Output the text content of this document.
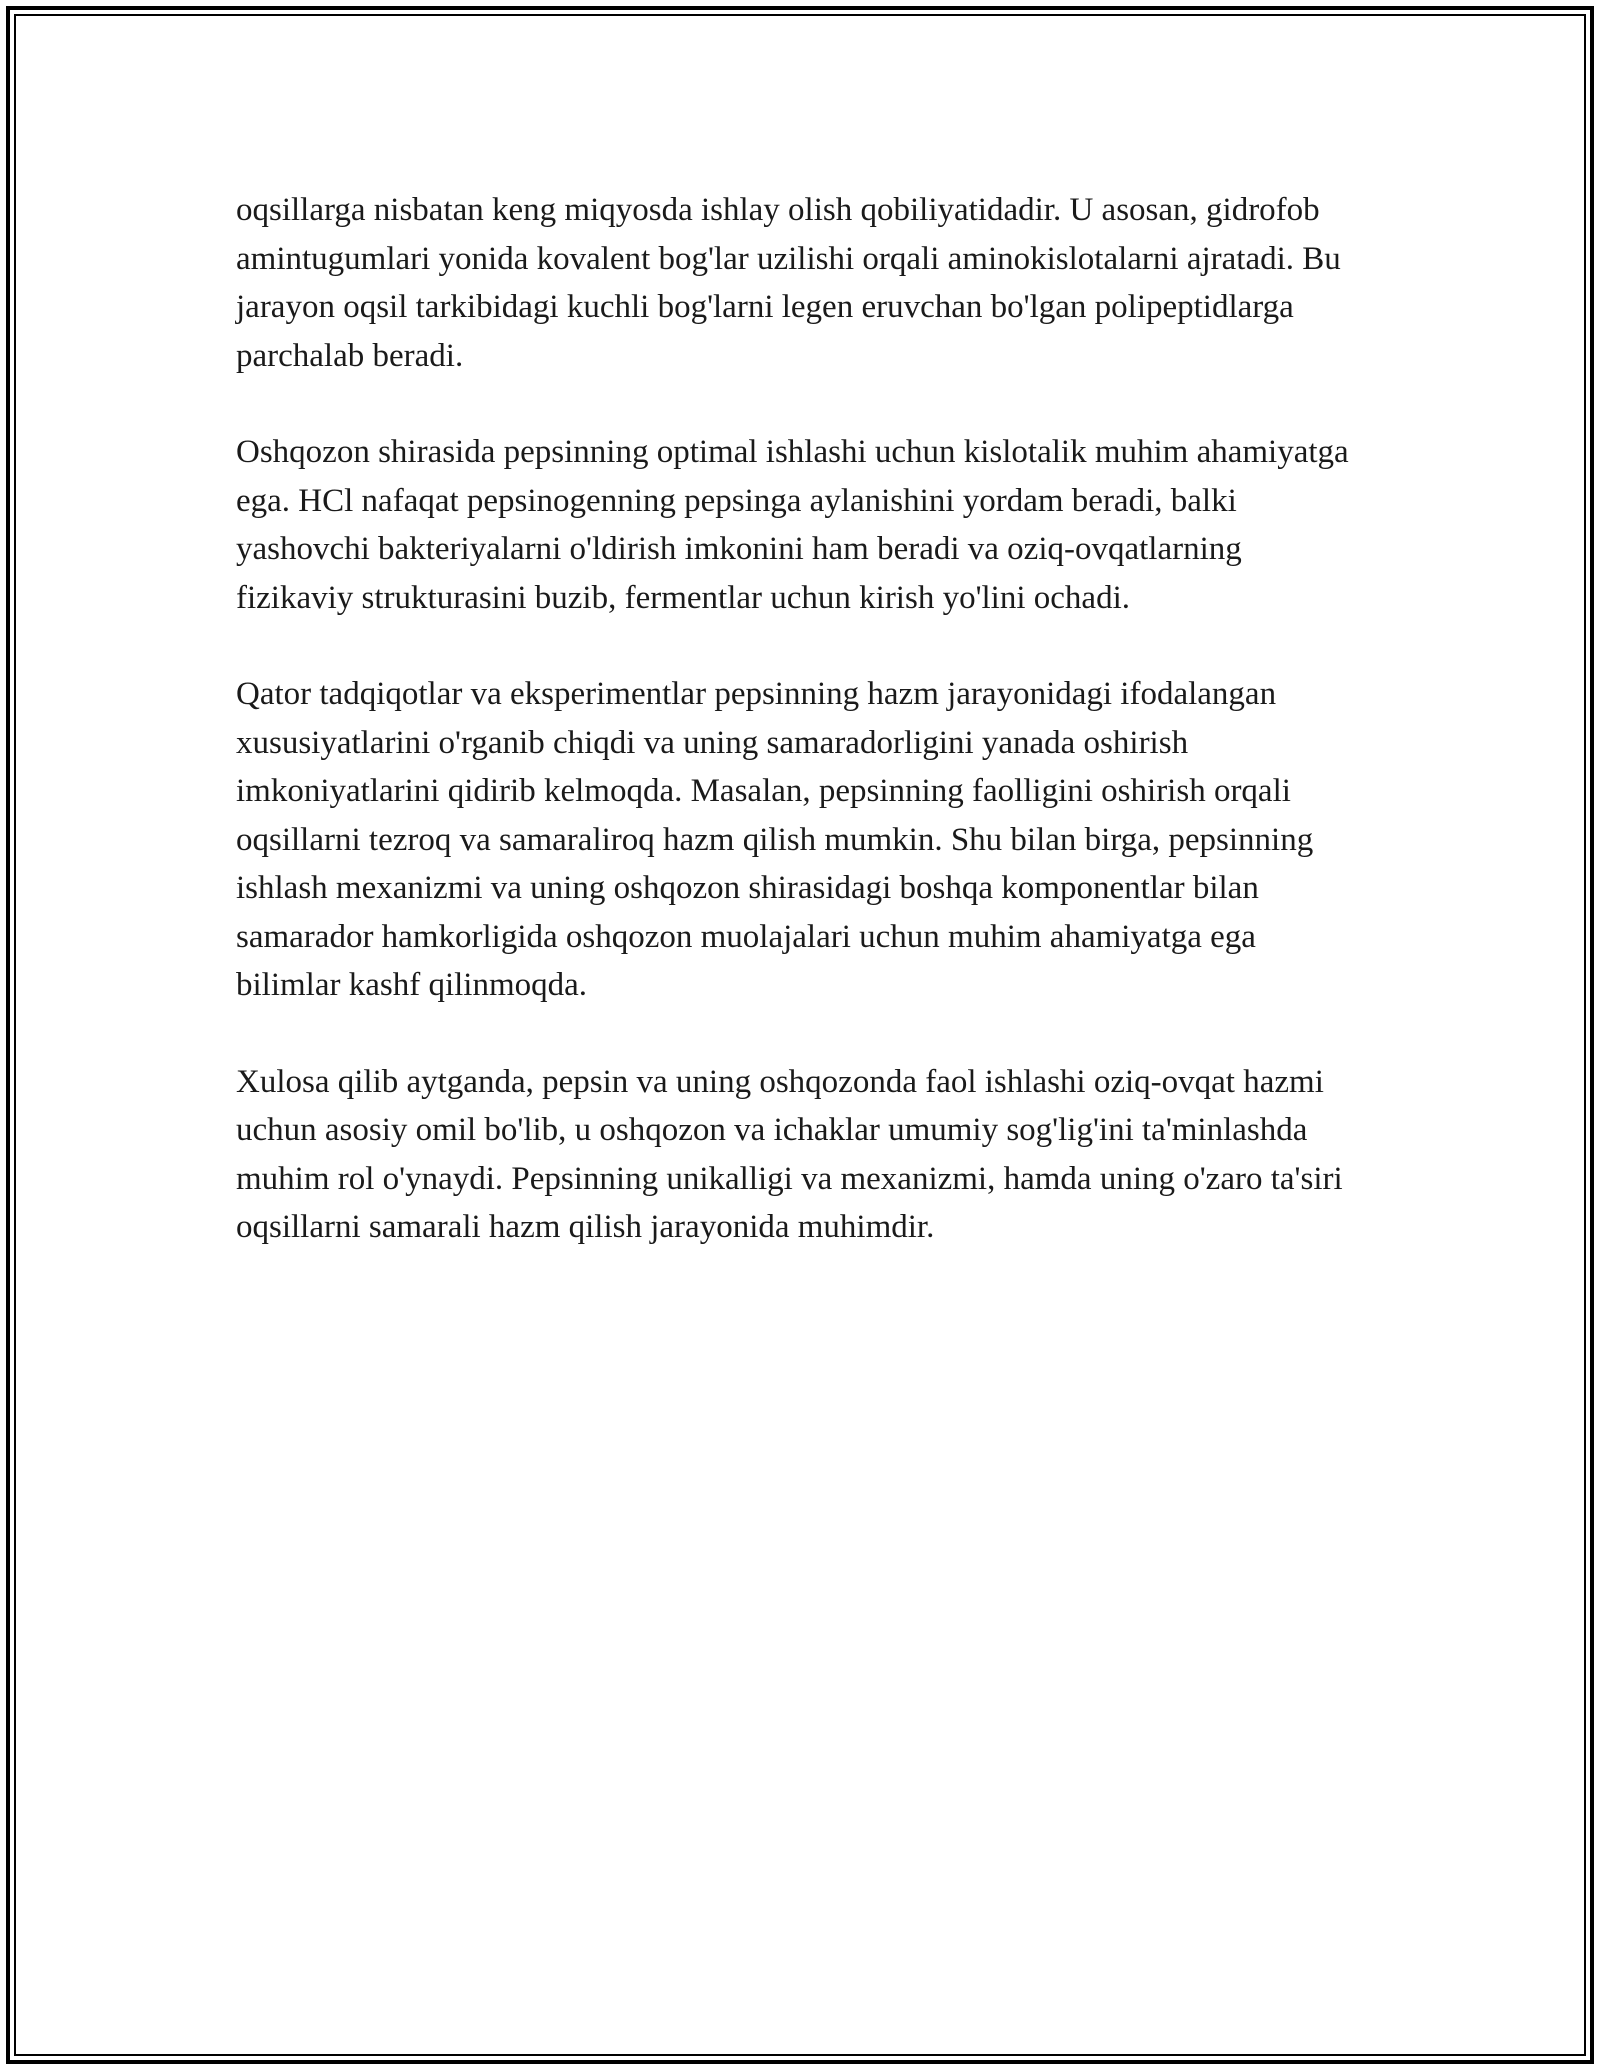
oqsillarga nisbatan keng miqyosda ishlay olish qobiliyatidadir. U asosan, gidrofob amintugumlari yonida kovalent bog'lar uzilishi orqali aminokislotalarni ajratadi. Bu jarayon oqsil tarkibidagi kuchli bog'larni legen eruvchan bo'lgan polipeptidlarga parchalab beradi.

Oshqozon shirasida pepsinning optimal ishlashi uchun kislotalik muhim ahamiyatga ega. HCl nafaqat pepsinogenning pepsinga aylanishini yordam beradi, balki yashovchi bakteriyalarni o'ldirish imkonini ham beradi va oziq-ovqatlarning fizikaviy strukturasini buzib, fermentlar uchun kirish yo'lini ochadi.

Qator tadqiqotlar va eksperimentlar pepsinning hazm jarayonidagi ifodalangan xususiyatlarini o'rganib chiqdi va uning samaradorligini yanada oshirish imkoniyatlarini qidirib kelmoqda. Masalan, pepsinning faolligini oshirish orqali oqsillarni tezroq va samaraliroq hazm qilish mumkin. Shu bilan birga, pepsinning ishlash mexanizmi va uning oshqozon shirasidagi boshqa komponentlar bilan samarador hamkorligida oshqozon muolajalari uchun muhim ahamiyatga ega bilimlar kashf qilinmoqda.

Xulosa qilib aytganda, pepsin va uning oshqozonda faol ishlashi oziq-ovqat hazmi uchun asosiy omil bo'lib, u oshqozon va ichaklar umumiy sog'lig'ini ta'minlashda muhim rol o'ynaydi. Pepsinning unikalligi va mexanizmi, hamda uning o'zaro ta'siri oqsillarni samarali hazm qilish jarayonida muhimdir.
